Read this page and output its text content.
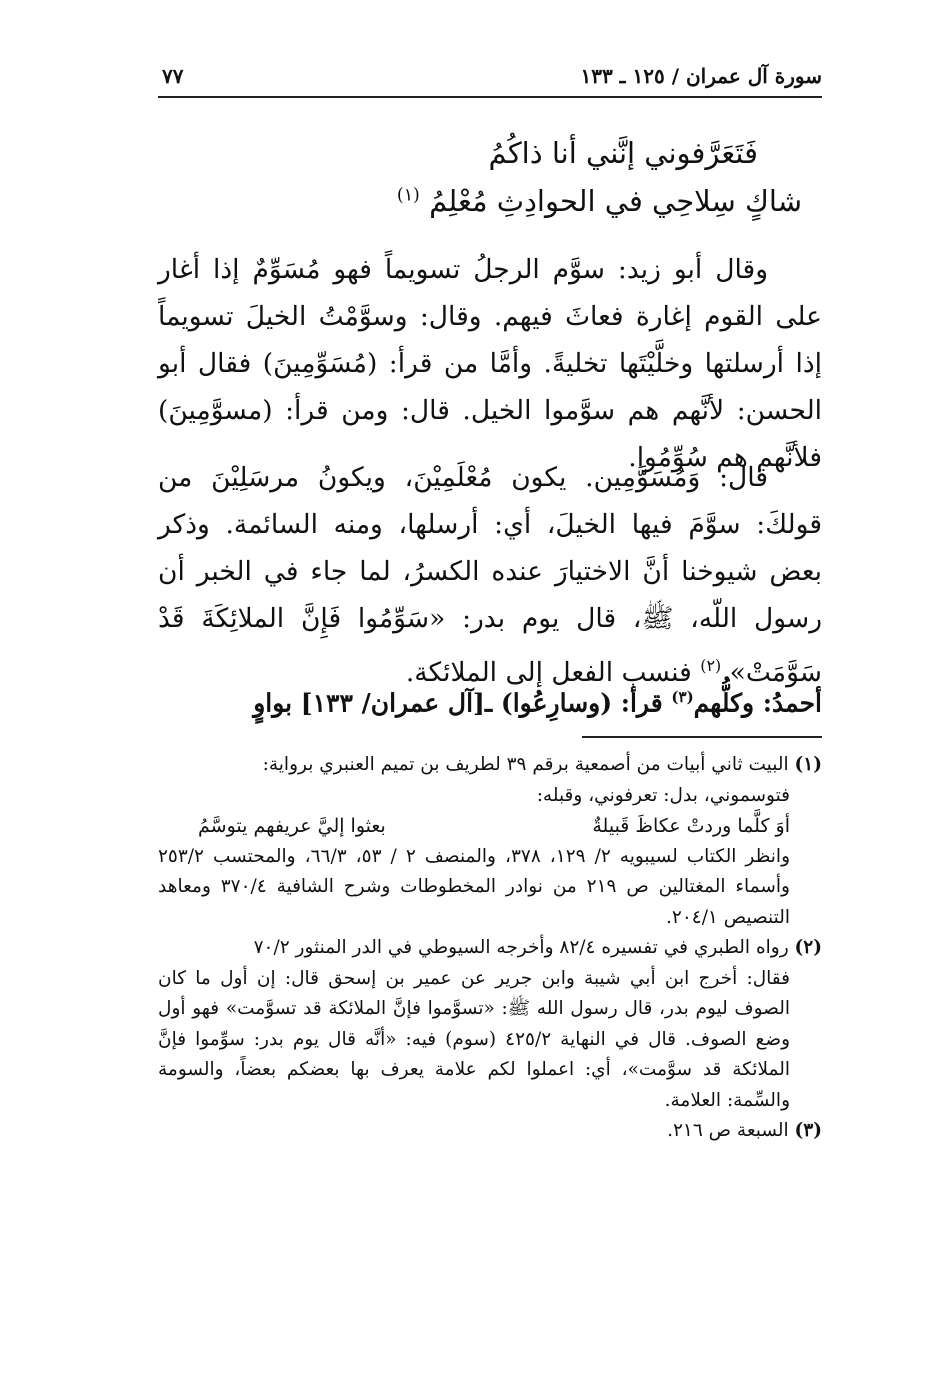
سورة آل عمران / ١٢٥ ـ ١٣٣
٧٧
فَتَعَرَّفوني إنَّني أنا ذاكُمُ
شاكٍ سِلاحِي في الحوادِثِ مُعْلِمُ $^{(١)}$
وقال أبو زيد: سوَّم الرجلُ تسويماً فهو مُسَوِّمٌ إذا أغار على القوم إغارة فعاثَ فيهم. وقال: وسوَّمْتُ الخيلَ تسويماً إذا أرسلتها وخلَّيْتَها تخليةً. وأمَّا من قرأ: (مُسَوِّمِينَ) فقال أبو الحسن: لأنَّهم هم سوَّموا الخيل. قال: ومن قرأ: (مسوَّمِينَ) فلأنَّهم هم سُوِّمُوا.
قال: وَمُسَوَّمِين. يكون مُعْلَمِيْنَ، ويكونُ مرسَلِيْنَ من قولكَ: سوَّمَ فيها الخيلَ، أي: أرسلها، ومنه السائمة. وذكر بعض شيوخنا أنَّ الاختيارَ عنده الكسرُ، لما جاء في الخبر أن رسول اللّه، ﷺ، قال يوم بدر: «سَوِّمُوا فَإِنَّ الملائِكَةَ قَدْ سَوَّمَتْ» $^{(٢)}$ فنسب الفعل إلى الملائكة.
أحمدُ: وكلُّهم$^{(٣)}$ قرأ: (وسارِعُوا) ـ[آل عمران/ ١٣٣] بواوٍ
(١) البيت ثاني أبيات من أصمعية برقم ٣٩ لطريف بن تميم العنبري برواية:
فتوسموني، بدل: تعرفوني، وقبله:
أوَ كلَّما وردتْ عكاظَ قَبيلةٌ
بعثوا إليَّ عريفهم يتوسَّمُ
وانظر الكتاب لسيبويه ٢/ ١٢٩، ٣٧٨، والمنصف ٢ / ٥٣، ٦٦/٣، والمحتسب ٢٥٣/٢ وأسماء المغتالين ص ٢١٩ من نوادر المخطوطات وشرح الشافية ٣٧٠/٤ ومعاهد التنصيص ٢٠٤/١.
(٢) رواه الطبري في تفسيره ٨٢/٤ وأخرجه السيوطي في الدر المنثور ٧٠/٢
فقال: أخرج ابن أبي شيبة وابن جرير عن عمير بن إسحق قال: إن أول ما كان الصوف ليوم بدر، قال رسول الله ﷺ: «تسوَّموا فإنَّ الملائكة قد تسوَّمت» فهو أول وضع الصوف. قال في النهاية ٤٢٥/٢ (سوم) فيه: «أنَّه قال يوم بدر: سوِّموا فإنَّ الملائكة قد سوَّمت»، أي: اعملوا لكم علامة يعرف بها بعضكم بعضاً، والسومة والسِّمة: العلامة.
(٣) السبعة ص ٢١٦.
